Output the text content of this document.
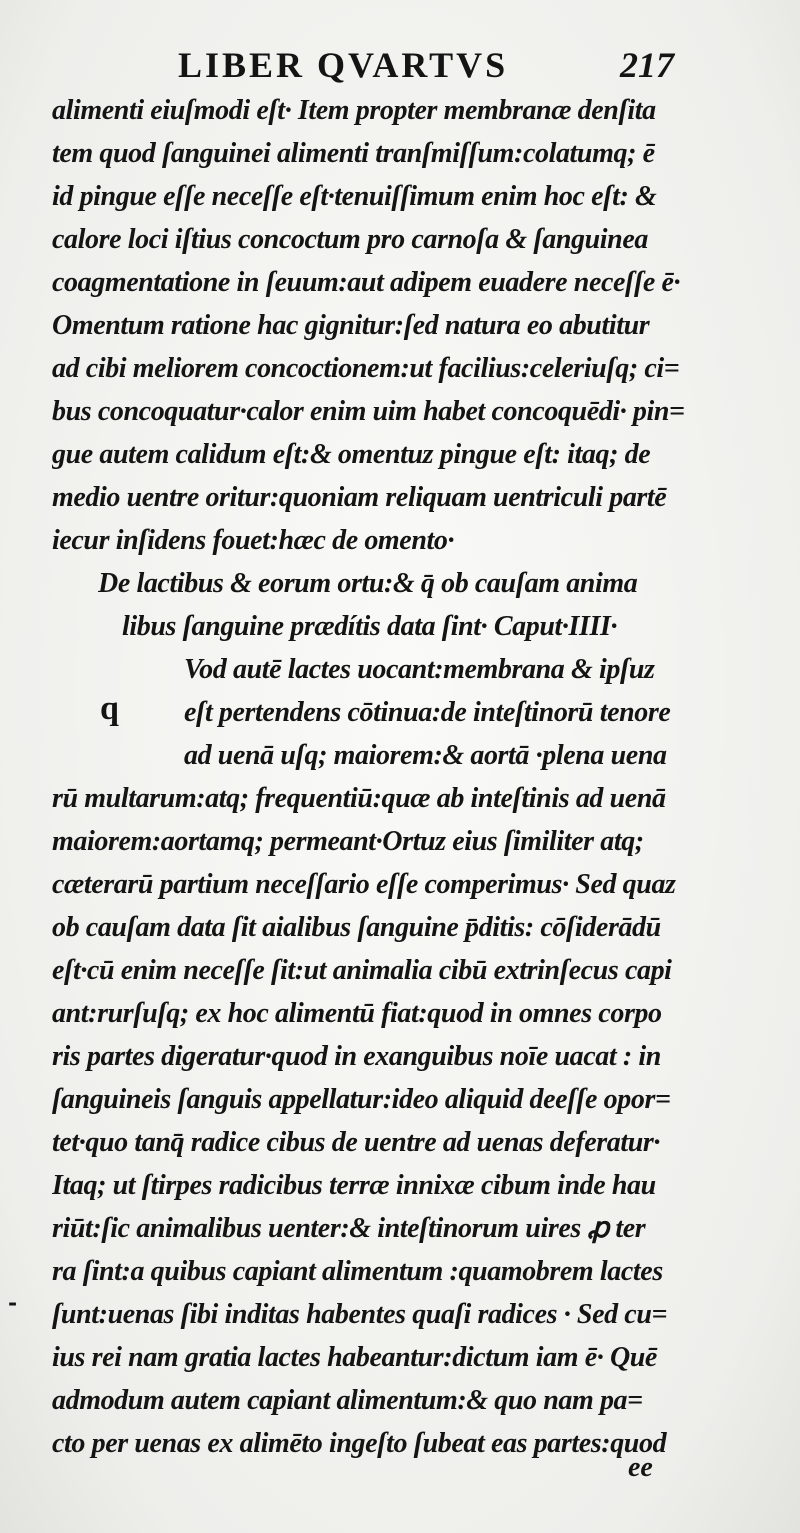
LIBER QVARTVS	217
alimenti eiuſmodi eſt· Item propter membranæ denſita
tem quod ſanguinei alimenti tranſmiſſum:colatumq; ē
id pingue eſſe neceſſe eſt·tenuiſſimum enim hoc eſt: &
calore loci iſtius concoctum pro carnoſa & ſanguinea
coagmentatione in ſeuum:aut adipem euadere neceſſe ē·
Omentum ratione hac gignitur:ſed natura eo abutitur
ad cibi meliorem concoctionem:ut facilius:celeriuſq; ci=
bus concoquatur·calor enim uim habet concoquēdi· pin=
gue autem calidum eſt:& omentuz pingue eſt: itaq; de
medio uentre oritur:quoniam reliquam uentriculi partē
iecur inſidens fouet:hæc de omento·
De lactibus & eorum ortu:& q̄ ob cauſam anima
libus ſanguine prædítis data ſint· Caput·IIII·
Vod autē lactes uocant:membrana & ipſuz
eſt pertendens cōtinua:de inteſtinorū tenore
ad uenā uſq; maiorem:& aortā ·plena uena
rū multarum:atq; frequentiū:quæ ab inteſtinis ad uenā
maiorem:aortamq; permeant·Ortuz eius ſimiliter atq;
cæterarū partium neceſſario eſſe comperimus· Sed quaz
ob cauſam data ſit aialibus ſanguine p̄ditis: cōſiderādū
eſt·cū enim neceſſe ſit:ut animalia cibū extrinſecus capi
ant:rurſuſq; ex hoc alimentū fiat:quod in omnes corpo
ris partes digeratur·quod in exanguibus noīe uacat : in
ſanguineis ſanguis appellatur:ideo aliquid deeſſe opor=
tet·quo tanq̄ radice cibus de uentre ad uenas deferatur·
Itaq; ut ſtirpes radicibus terræ innixæ cibum inde hau
riūt:ſic animalibus uenter:& inteſtinorum uires ꝓ ter
ra ſint:a quibus capiant alimentum :quamobrem lactes
ſunt:uenas ſibi inditas habentes quaſi radices · Sed cu=
ius rei nam gratia lactes habeantur:dictum iam ē· Quē
admodum autem capiant alimentum:& quo nam pa=
cto per uenas ex alimēto ingeſto ſubeat eas partes:quod
q
-
ee
